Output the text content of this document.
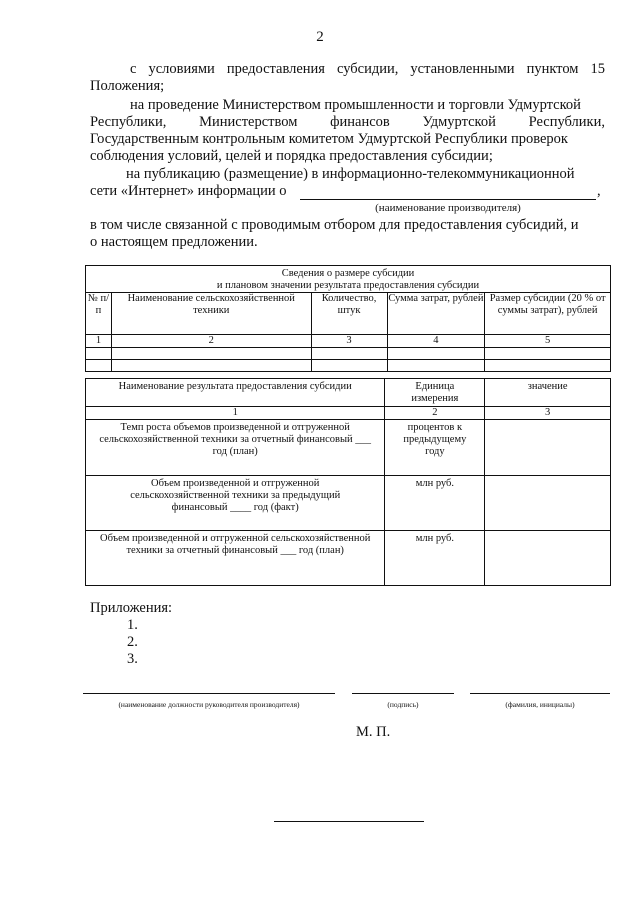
2
с условиями предоставления субсидии, установленными пунктом 15
Положения;
на проведение Министерством промышленности и торговли Удмуртской
Республики, Министерством финансов Удмуртской Республики,
Государственным контрольным комитетом Удмуртской Республики проверок
соблюдения условий, целей и порядка предоставления субсидии;
на публикацию (размещение) в информационно-телекоммуникационной
сети «Интернет» информации о	,
(наименование производителя)
в том числе связанной с проводимым отбором для предоставления субсидий, и
о настоящем предложении.
Сведения о размере субсидии
и плановом значении результата предоставления субсидии				

№ п/п	Наименование сельскохозяйственной техники	Количество, штук	Сумма затрат, рублей	Размер субсидии (20 % от суммы затрат), рублей
1	2	3	4	5

Наименование результата предоставления субсидии	Единица измерения	значение
1	2	3
Темп роста объемов произведенной и отгруженной сельскохозяйственной техники за отчетный финансовый ___ год (план)	процентов к предыдущему году	
Объем произведенной и отгруженной сельскохозяйственной техники за предыдущий финансовый ____ год (факт)	млн руб.	
Объем произведенной и отгруженной сельскохозяйственной техники за отчетный финансовый ___ год (план)	млн руб.	
Приложения:
1.
2.
3.
(наименование должности руководителя производителя)	(подпись)	(фамилия, инициалы)
М. П.
